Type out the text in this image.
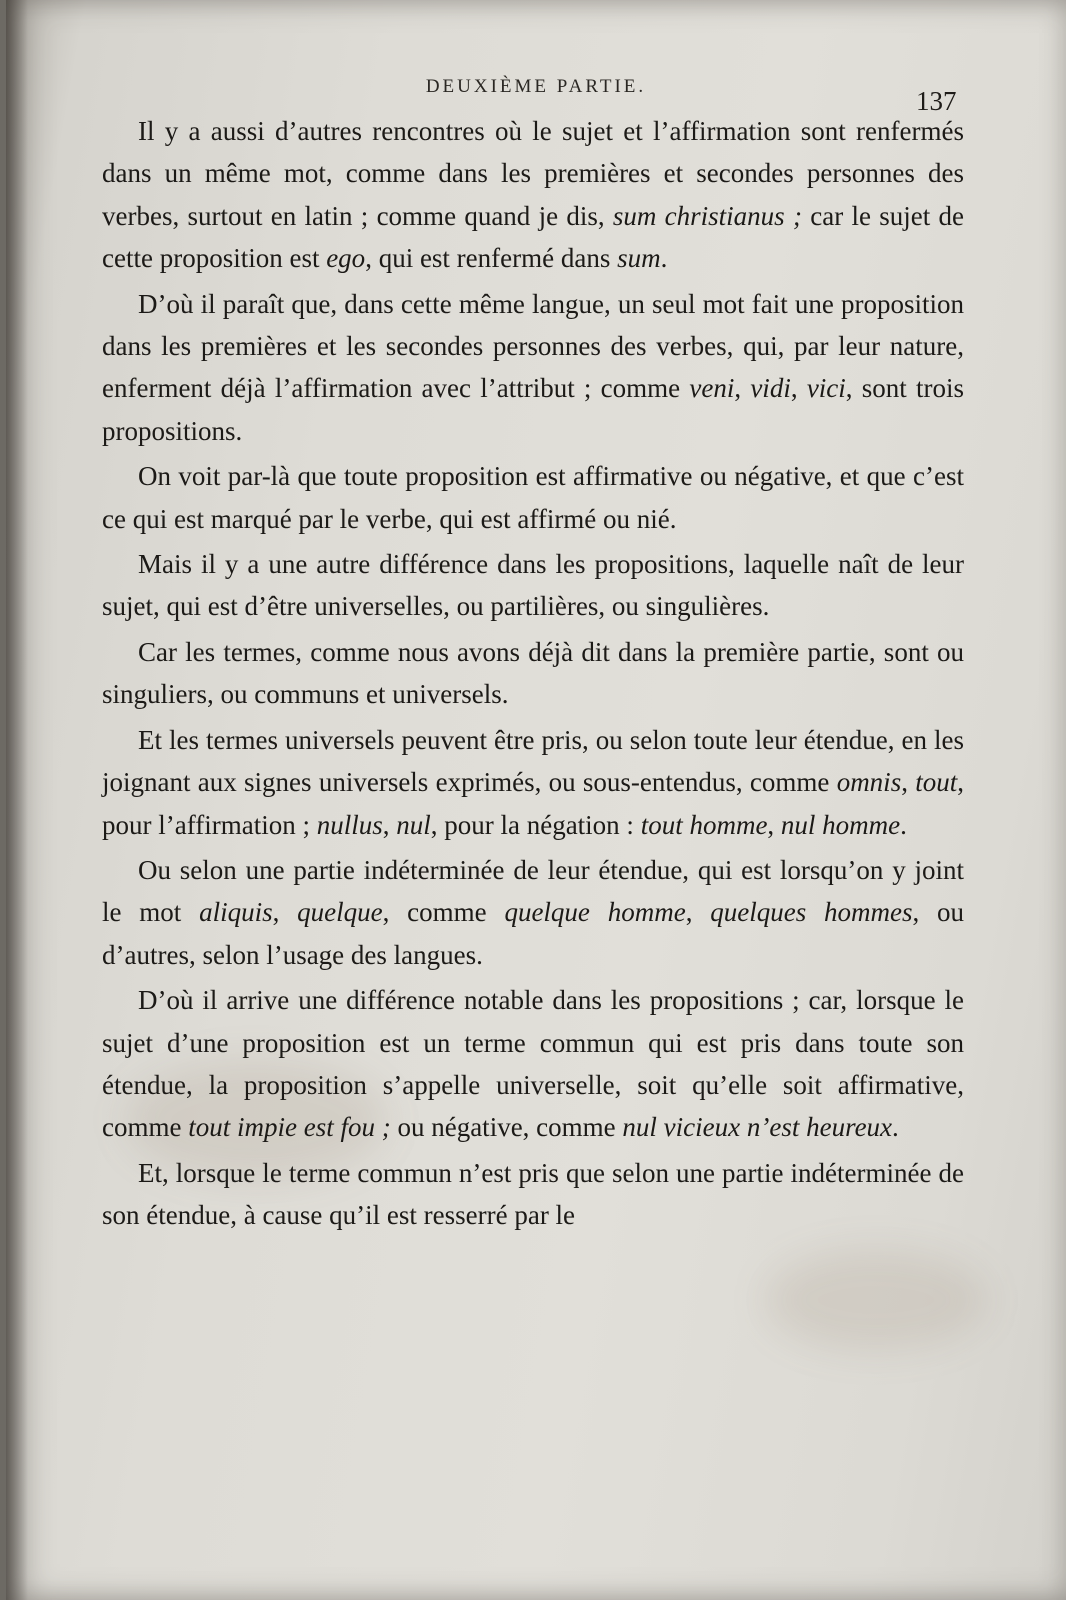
DEUXIÈME PARTIE.	137

Il y a aussi d’autres rencontres où le sujet et l’affirmation sont renfermés dans un même mot, comme dans les premières et secondes personnes des verbes, surtout en latin ; comme quand je dis, sum christianus ; car le sujet de cette proposition est ego, qui est renfermé dans sum.

D’où il paraît que, dans cette même langue, un seul mot fait une proposition dans les premières et les secondes personnes des verbes, qui, par leur nature, enferment déjà l’affirmation avec l’attribut ; comme veni, vidi, vici, sont trois propositions.

On voit par-là que toute proposition est affirmative ou négative, et que c’est ce qui est marqué par le verbe, qui est affirmé ou nié.

Mais il y a une autre différence dans les propositions, laquelle naît de leur sujet, qui est d’être universelles, ou partilières, ou singulières.

Car les termes, comme nous avons déjà dit dans la première partie, sont ou singuliers, ou communs et universels.

Et les termes universels peuvent être pris, ou selon toute leur étendue, en les joignant aux signes universels exprimés, ou sous-entendus, comme omnis, tout, pour l’affirmation ; nullus, nul, pour la négation : tout homme, nul homme.

Ou selon une partie indéterminée de leur étendue, qui est lorsqu’on y joint le mot aliquis, quelque, comme quelque homme, quelques hommes, ou d’autres, selon l’usage des langues.

D’où il arrive une différence notable dans les propositions ; car, lorsque le sujet d’une proposition est un terme commun qui est pris dans toute son étendue, la proposition s’appelle universelle, soit qu’elle soit affirmative, comme tout impie est fou ; ou négative, comme nul vicieux n’est heureux.

Et, lorsque le terme commun n’est pris que selon une partie indéterminée de son étendue, à cause qu’il est resserré par le
